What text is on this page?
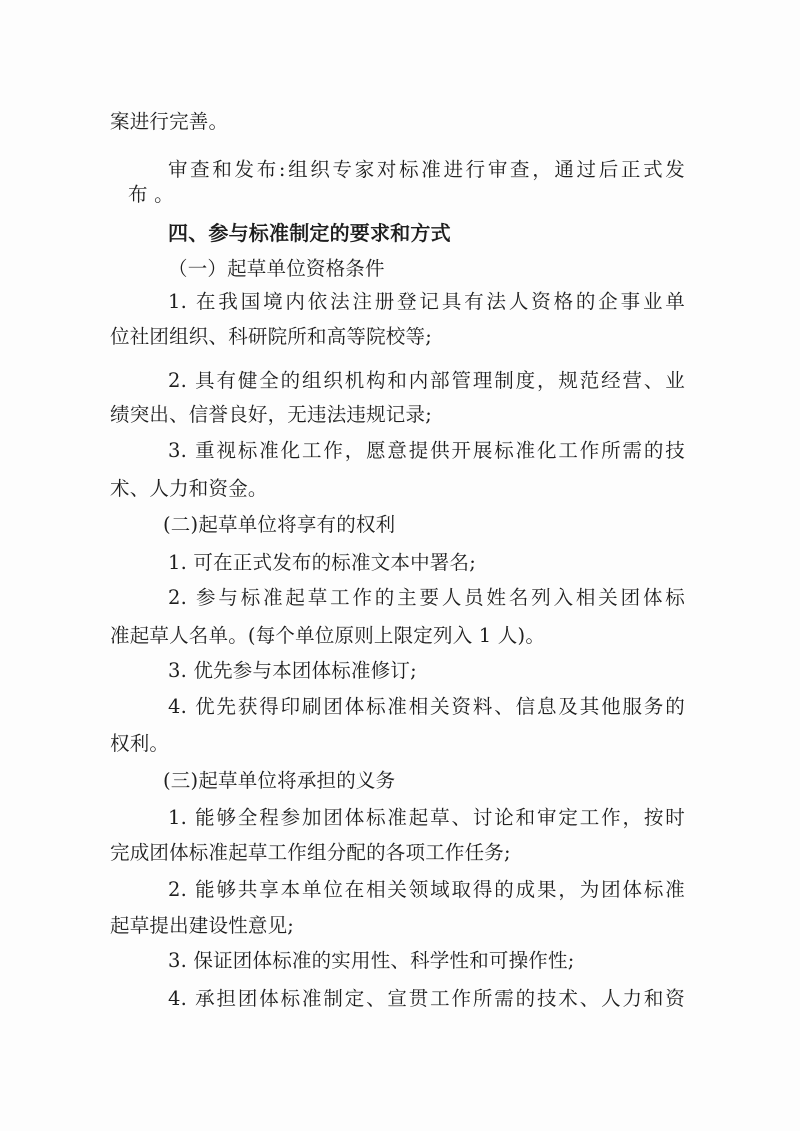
案进行完善。
审查和发布:组织专家对标准进行审查，通过后正式发
布 。
四、参与标准制定的要求和方式
（一）起草单位资格条件
1. 在我国境内依法注册登记具有法人资格的企事业单
位社团组织、科研院所和高等院校等;
2. 具有健全的组织机构和内部管理制度，规范经营、业
绩突出、信誉良好，无违法违规记录;
3. 重视标准化工作，愿意提供开展标准化工作所需的技
术、人力和资金。
(二)起草单位将享有的权利
1. 可在正式发布的标准文本中署名;
2. 参与标准起草工作的主要人员姓名列入相关团体标
准起草人名单。(每个单位原则上限定列入 1 人)。
3. 优先参与本团体标准修订;
4. 优先获得印刷团体标准相关资料、信息及其他服务的
权利。
(三)起草单位将承担的义务
1. 能够全程参加团体标准起草、讨论和审定工作，按时
完成团体标准起草工作组分配的各项工作任务;
2. 能够共享本单位在相关领域取得的成果，为团体标准
起草提出建设性意见;
3. 保证团体标准的实用性、科学性和可操作性;
4. 承担团体标准制定、宣贯工作所需的技术、人力和资
